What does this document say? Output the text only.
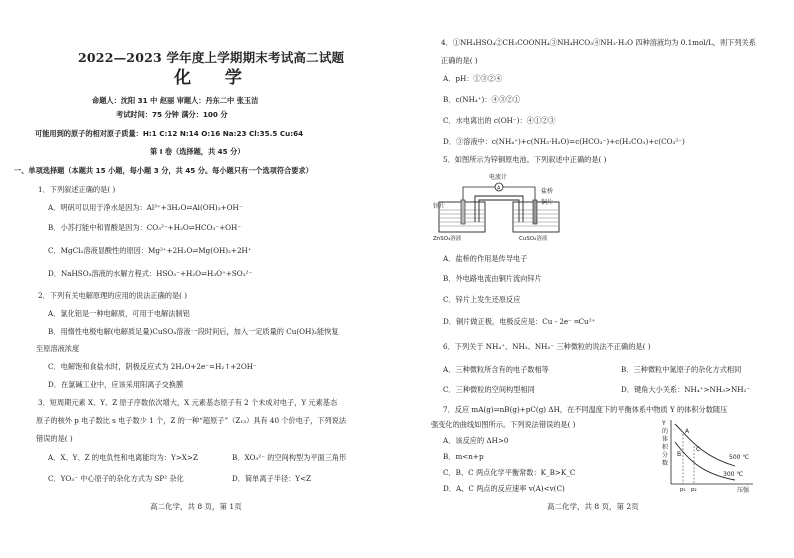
2022—2023 学年度上学期期末考试高二试题
化 学
命题人：沈阳 31 中 赵丽 审题人：丹东二中 张玉洁
考试时间：75 分钟 满分：100 分
可能用到的原子的相对原子质量：H:1 C:12 N:14 O:16 Na:23 Cl:35.5 Cu:64
第 Ⅰ 卷（选择题，共 45 分）
一、单项选择题（本题共 15 小题，每小题 3 分，共 45 分。每小题只有一个选项符合要求）
1．下列叙述正确的是( )
A．明矾可以用于净水是因为：Al³⁺+3H₂O⇌Al(OH)₃+OH⁻
B．小苏打能中和胃酸是因为：CO₃²⁻+H₂O⇌HCO₃⁻+OH⁻
C．MgCl₂溶液显酸性的原因：Mg²⁺+2H₂O⇌Mg(OH)₂+2H⁺
D．NaHSO₃溶液的水解方程式：HSO₃⁻+H₂O⇌H₃O⁺+SO₃²⁻
2．下列有关电解原理的应用的说法正确的是( )
A．氯化铝是一种电解质，可用于电解法制铝
B．用惰性电极电解(电解质足量)CuSO₄溶液一段时间后，加入一定质量的 Cu(OH)₂能恢复
至原溶液浓度
C．电解饱和食盐水时，阴极反应式为 2H₂O+2e⁻=H₂↑+2OH⁻
D．在氯碱工业中，应该采用阳离子交换膜
3．短周期元素 X、Y、Z 原子序数依次增大，X 元素基态原子有 2 个未成对电子，Y 元素基态
原子的核外 p 电子数比 s 电子数少 1 个，Z 的一种“超原子”（Z₁₃）具有 40 个价电子，下列说法
错误的是( )
A．X、Y、Z 的电负性和电离能均为：Y>X>Z	B．XO₃²⁻ 的空间构型为平面三角形
C．YO₃⁻ 中心原子的杂化方式为 SP² 杂化	D．简单离子半径：Y<Z
高二化学，共 8 页，第 1页
4．①NH₄HSO₄②CH₃COONH₄③NH₄HCO₃④NH₃·H₂O 四种溶液均为 0.1mol/L，则下列关系
正确的是( )
A．pH：①③②④
B．c(NH₄⁺)：④③②①
C．水电离出的 c(OH⁻)：④①②③
D．③溶液中：c(NH₄⁺)+c(NH₃·H₂O)=c(HCO₃⁻)+c(H₂CO₃)+c(CO₃²⁻)
5．如图所示为锌铜原电池。下列叙述中正确的是( )
电流计
A	盐桥
铜片
锌片
ZnSO₄溶液	CuSO₄溶液
A．盐桥的作用是传导电子
B．外电路电流由铜片流向锌片
C．锌片上发生还原反应
D．铜片做正极，电极反应是：Cu - 2e⁻ ═Cu²⁺
6．下列关于 NH₄⁺、NH₃、NH₂⁻ 三种微粒的说法不正确的是( )
A．三种微粒所含有的电子数相等	B．三种微粒中氮原子的杂化方式相同
C．三种微粒的空间构型相同	D．键角大小关系：NH₄⁺>NH₃>NH₂⁻
7．反应 mA(g)⇌nB(g)+pC(g) ΔH，在不同温度下的平衡体系中物质 Y 的体积分数随压
强变化的曲线如图所示。下列说法错误的是( )
A．该反应的 ΔH>0
B．m<n+p
C．B、C 两点化学平衡常数：K_B>K_C
D．A、C 两点的反应速率 v(A)<v(C)
Y
的
体
积
分
数
A
B
C
500 ℃
300 ℃
p₁ p₂	压强
高二化学，共 8 页，第 2页
